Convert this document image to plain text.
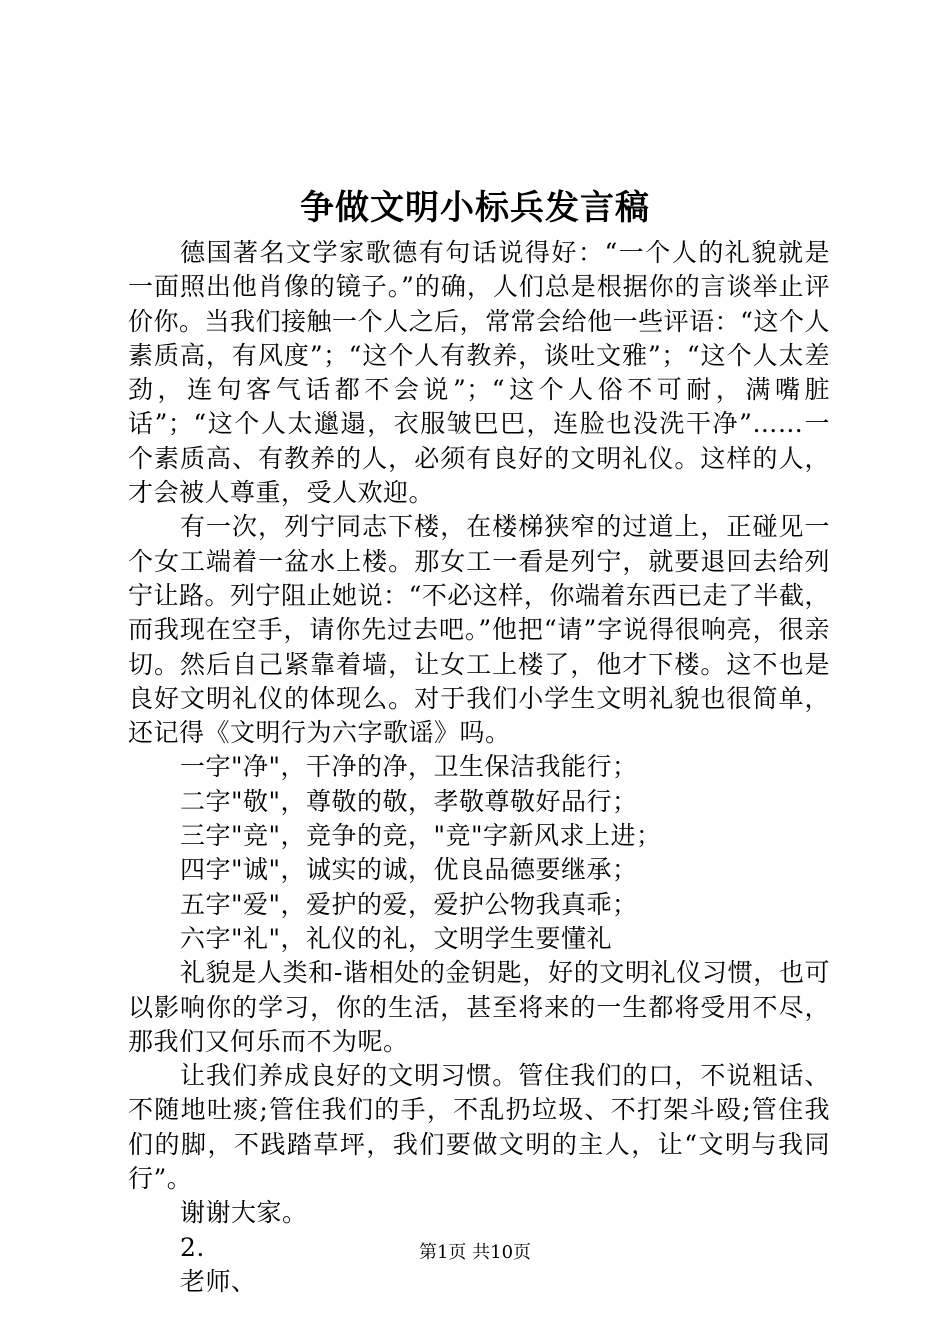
争做文明小标兵发言稿

德国著名文学家歌德有句话说得好：“一个人的礼貌就是一面照出他肖像的镜子。”的确，人们总是根据你的言谈举止评价你。当我们接触一个人之后，常常会给他一些评语：“这个人素质高，有风度”；“这个人有教养，谈吐文雅”；“这个人太差劲，连句客气话都不会说”；“这个人俗不可耐，满嘴脏话”；“这个人太邋遢，衣服皱巴巴，连脸也没洗干净”……一个素质高、有教养的人，必须有良好的文明礼仪。这样的人，才会被人尊重，受人欢迎。

有一次，列宁同志下楼，在楼梯狭窄的过道上，正碰见一个女工端着一盆水上楼。那女工一看是列宁，就要退回去给列宁让路。列宁阻止她说：“不必这样，你端着东西已走了半截，而我现在空手，请你先过去吧。”他把“请”字说得很响亮，很亲切。然后自己紧靠着墙，让女工上楼了，他才下楼。这不也是良好文明礼仪的体现么。对于我们小学生文明礼貌也很简单，还记得《文明行为六字歌谣》吗。

一字"净"，干净的净，卫生保洁我能行；

二字"敬"，尊敬的敬，孝敬尊敬好品行；

三字"竞"，竞争的竞，"竞"字新风求上进；

四字"诚"，诚实的诚，优良品德要继承；

五字"爱"，爱护的爱，爱护公物我真乖；

六字"礼"，礼仪的礼，文明学生要懂礼

礼貌是人类和-谐相处的金钥匙，好的文明礼仪习惯，也可以影响你的学习，你的生活，甚至将来的一生都将受用不尽，那我们又何乐而不为呢。

让我们养成良好的文明习惯。管住我们的口，不说粗话、不随地吐痰;管住我们的手，不乱扔垃圾、不打架斗殴;管住我们的脚，不践踏草坪，我们要做文明的主人，让“文明与我同行”。

谢谢大家。

2.

老师、

第1页 共10页
